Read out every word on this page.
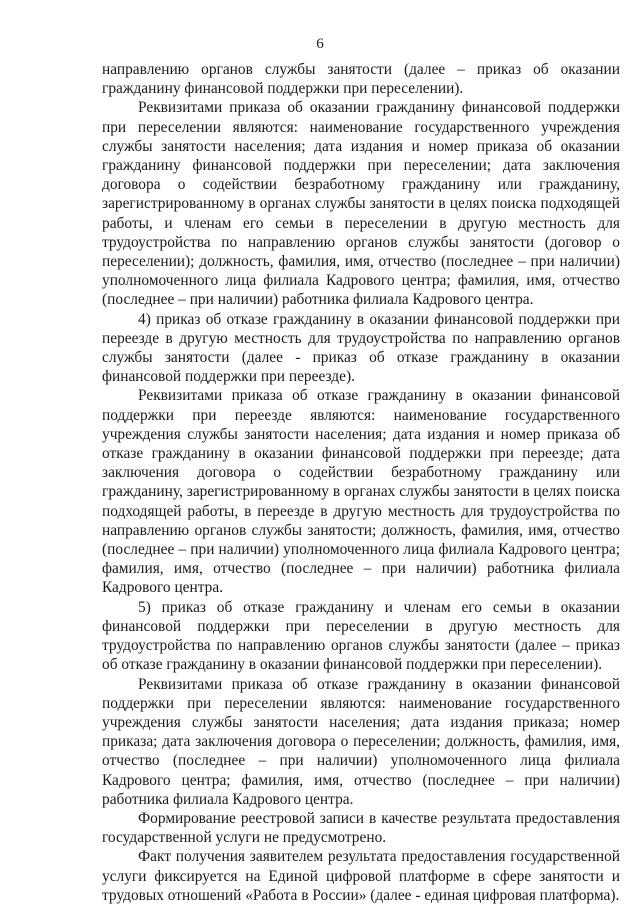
6

направлению органов службы занятости (далее – приказ об оказании гражданину финансовой поддержки при переселении).

Реквизитами приказа об оказании гражданину финансовой поддержки при переселении являются: наименование государственного учреждения службы занятости населения; дата издания и номер приказа об оказании гражданину финансовой поддержки при переселении; дата заключения договора о содействии безработному гражданину или гражданину, зарегистрированному в органах службы занятости в целях поиска подходящей работы, и членам его семьи в переселении в другую местность для трудоустройства по направлению органов службы занятости (договор о переселении); должность, фамилия, имя, отчество (последнее – при наличии) уполномоченного лица филиала Кадрового центра; фамилия, имя, отчество (последнее – при наличии) работника филиала Кадрового центра.

4) приказ об отказе гражданину в оказании финансовой поддержки при переезде в другую местность для трудоустройства по направлению органов службы занятости (далее - приказ об отказе гражданину в оказании финансовой поддержки при переезде).

Реквизитами приказа об отказе гражданину в оказании финансовой поддержки при переезде являются: наименование государственного учреждения службы занятости населения; дата издания и номер приказа об отказе гражданину в оказании финансовой поддержки при переезде; дата заключения договора о содействии безработному гражданину или гражданину, зарегистрированному в органах службы занятости в целях поиска подходящей работы, в переезде в другую местность для трудоустройства по направлению органов службы занятости; должность, фамилия, имя, отчество (последнее – при наличии) уполномоченного лица филиала Кадрового центра; фамилия, имя, отчество (последнее – при наличии) работника филиала Кадрового центра.

5) приказ об отказе гражданину и членам его семьи в оказании финансовой поддержки при переселении в другую местность для трудоустройства по направлению органов службы занятости (далее – приказ об отказе гражданину в оказании финансовой поддержки при переселении).

Реквизитами приказа об отказе гражданину в оказании финансовой поддержки при переселении являются: наименование государственного учреждения службы занятости населения; дата издания приказа; номер приказа; дата заключения договора о переселении; должность, фамилия, имя, отчество (последнее – при наличии) уполномоченного лица филиала Кадрового центра; фамилия, имя, отчество (последнее – при наличии) работника филиала Кадрового центра.

Формирование реестровой записи в качестве результата предоставления государственной услуги не предусмотрено.

Факт получения заявителем результата предоставления государственной услуги фиксируется на Единой цифровой платформе в сфере занятости и трудовых отношений «Работа в России» (далее - единая цифровая платформа).
